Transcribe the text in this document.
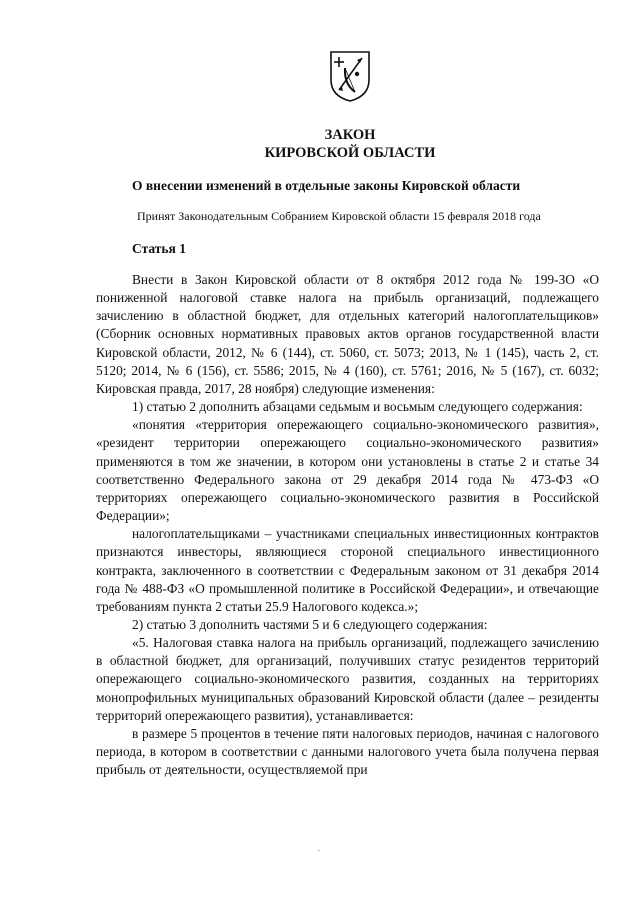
ЗАКОН
КИРОВСКОЙ ОБЛАСТИ
О внесении изменений в отдельные законы Кировской области
Принят Законодательным Собранием Кировской области 15 февраля 2018 года
Статья 1

Внести в Закон Кировской области от 8 октября 2012 года № 199-ЗО «О пониженной налоговой ставке налога на прибыль организаций, подлежащего зачислению в областной бюджет, для отдельных категорий налогоплательщиков» (Сборник основных нормативных правовых актов органов государственной власти Кировской области, 2012, № 6 (144), ст. 5060, ст. 5073; 2013, № 1 (145), часть 2, ст. 5120; 2014, № 6 (156), ст. 5586; 2015, № 4 (160), ст. 5761; 2016, № 5 (167), ст. 6032; Кировская правда, 2017, 28 ноября) следующие изменения:

1) статью 2 дополнить абзацами седьмым и восьмым следующего содержания:

«понятия «территория опережающего социально-экономического развития», «резидент территории опережающего социально-экономического развития» применяются в том же значении, в котором они установлены в статье 2 и статье 34 соответственно Федерального закона от 29 декабря 2014 года № 473-ФЗ «О территориях опережающего социально-экономического развития в Российской Федерации»;

налогоплательщиками – участниками специальных инвестиционных контрактов признаются инвесторы, являющиеся стороной специального инвестиционного контракта, заключенного в соответствии с Федеральным законом от 31 декабря 2014 года № 488-ФЗ «О промышленной политике в Российской Федерации», и отвечающие требованиям пункта 2 статьи 25.9 Налогового кодекса.»;

2) статью 3 дополнить частями 5 и 6 следующего содержания:

«5. Налоговая ставка налога на прибыль организаций, подлежащего зачислению в областной бюджет, для организаций, получивших статус резидентов территорий опережающего социально-экономического развития, созданных на территориях монопрофильных муниципальных образований Кировской области (далее – резиденты территорий опережающего развития), устанавливается:

в размере 5 процентов в течение пяти налоговых периодов, начиная с налогового периода, в котором в соответствии с данными налогового учета была получена первая прибыль от деятельности, осуществляемой при
